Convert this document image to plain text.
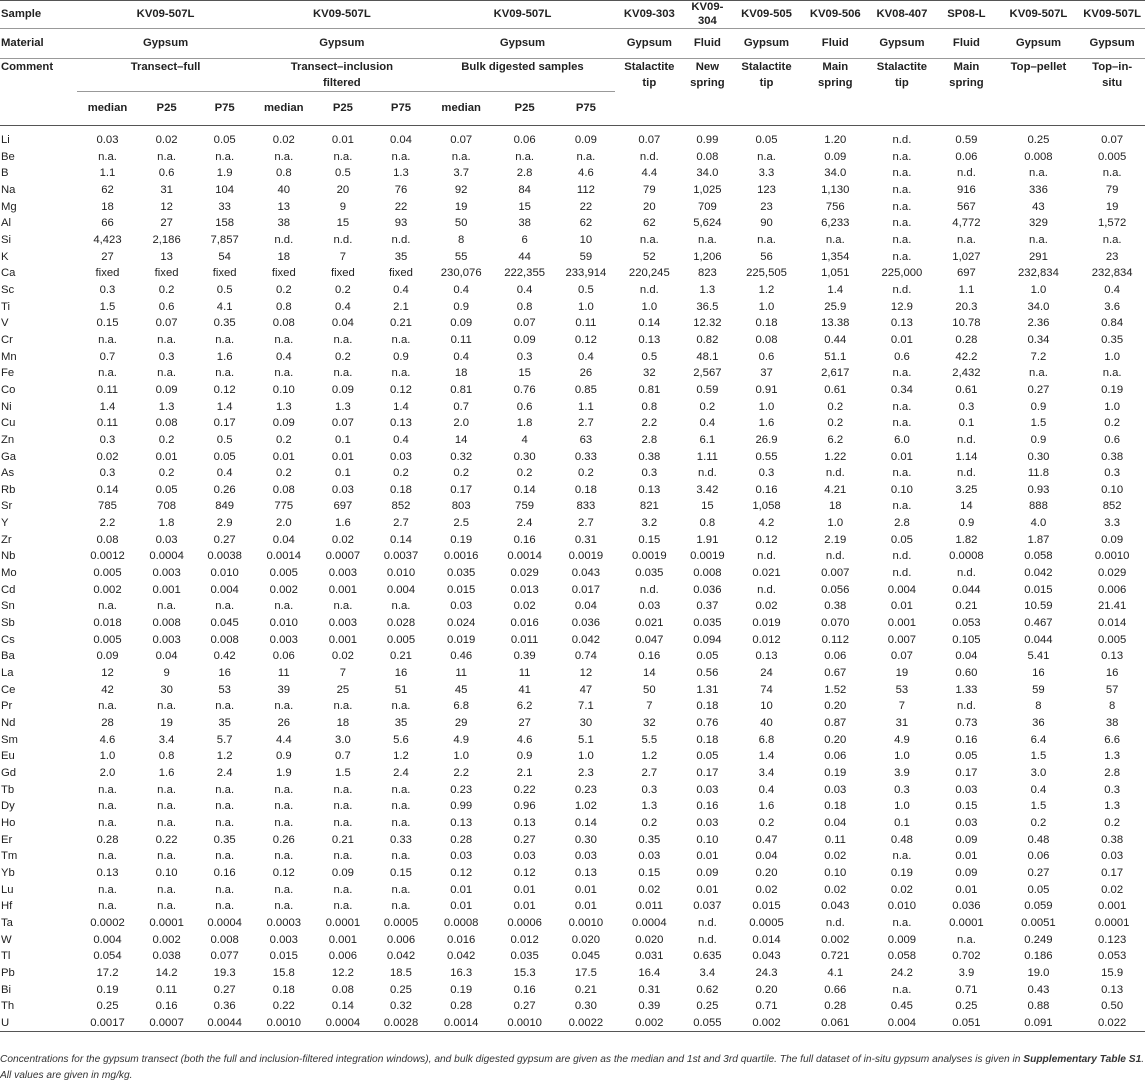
Sample	KV09-507L			KV09-507L			KV09-507L			KV09-303	KV09-304	KV09-505	KV09-506	KV08-407	SP08-L	KV09-507L	KV09-507L
Material	Gypsum			Gypsum			Gypsum			Gypsum	Fluid	Gypsum	Fluid	Gypsum	Fluid	Gypsum	Gypsum
Comment	Transect–full			Transect–inclusion filtered			Bulk digested samples			Stalactite tip	New spring	Stalactite tip	Main spring	Stalactite tip	Main spring	Top–pellet	Top–in-situ
	median	P25	P75	median	P25	P75	median	P25	P75								
Li	0.03	0.02	0.05	0.02	0.01	0.04	0.07	0.06	0.09	0.07	0.99	0.05	1.20	n.d.	0.59	0.25	0.07
Be	n.a.	n.a.	n.a.	n.a.	n.a.	n.a.	n.a.	n.a.	n.a.	n.d.	0.08	n.a.	0.09	n.a.	0.06	0.008	0.005
B	1.1	0.6	1.9	0.8	0.5	1.3	3.7	2.8	4.6	4.4	34.0	3.3	34.0	n.a.	n.d.	n.a.	n.a.
Na	62	31	104	40	20	76	92	84	112	79	1,025	123	1,130	n.a.	916	336	79
Mg	18	12	33	13	9	22	19	15	22	20	709	23	756	n.a.	567	43	19
Al	66	27	158	38	15	93	50	38	62	62	5,624	90	6,233	n.a.	4,772	329	1,572
Si	4,423	2,186	7,857	n.d.	n.d.	n.d.	8	6	10	n.a.	n.a.	n.a.	n.a.	n.a.	n.a.	n.a.	n.a.
K	27	13	54	18	7	35	55	44	59	52	1,206	56	1,354	n.a.	1,027	291	23
Ca	fixed	fixed	fixed	fixed	fixed	fixed	230,076	222,355	233,914	220,245	823	225,505	1,051	225,000	697	232,834	232,834
Sc	0.3	0.2	0.5	0.2	0.2	0.4	0.4	0.4	0.5	n.d.	1.3	1.2	1.4	n.d.	1.1	1.0	0.4
Ti	1.5	0.6	4.1	0.8	0.4	2.1	0.9	0.8	1.0	1.0	36.5	1.0	25.9	12.9	20.3	34.0	3.6
V	0.15	0.07	0.35	0.08	0.04	0.21	0.09	0.07	0.11	0.14	12.32	0.18	13.38	0.13	10.78	2.36	0.84
Cr	n.a.	n.a.	n.a.	n.a.	n.a.	n.a.	0.11	0.09	0.12	0.13	0.82	0.08	0.44	0.01	0.28	0.34	0.35
Mn	0.7	0.3	1.6	0.4	0.2	0.9	0.4	0.3	0.4	0.5	48.1	0.6	51.1	0.6	42.2	7.2	1.0
Fe	n.a.	n.a.	n.a.	n.a.	n.a.	n.a.	18	15	26	32	2,567	37	2,617	n.a.	2,432	n.a.	n.a.
Co	0.11	0.09	0.12	0.10	0.09	0.12	0.81	0.76	0.85	0.81	0.59	0.91	0.61	0.34	0.61	0.27	0.19
Ni	1.4	1.3	1.4	1.3	1.3	1.4	0.7	0.6	1.1	0.8	0.2	1.0	0.2	n.a.	0.3	0.9	1.0
Cu	0.11	0.08	0.17	0.09	0.07	0.13	2.0	1.8	2.7	2.2	0.4	1.6	0.2	n.a.	0.1	1.5	0.2
Zn	0.3	0.2	0.5	0.2	0.1	0.4	14	4	63	2.8	6.1	26.9	6.2	6.0	n.d.	0.9	0.6
Ga	0.02	0.01	0.05	0.01	0.01	0.03	0.32	0.30	0.33	0.38	1.11	0.55	1.22	0.01	1.14	0.30	0.38
As	0.3	0.2	0.4	0.2	0.1	0.2	0.2	0.2	0.2	0.3	n.d.	0.3	n.d.	n.a.	n.d.	11.8	0.3
Rb	0.14	0.05	0.26	0.08	0.03	0.18	0.17	0.14	0.18	0.13	3.42	0.16	4.21	0.10	3.25	0.93	0.10
Sr	785	708	849	775	697	852	803	759	833	821	15	1,058	18	n.a.	14	888	852
Y	2.2	1.8	2.9	2.0	1.6	2.7	2.5	2.4	2.7	3.2	0.8	4.2	1.0	2.8	0.9	4.0	3.3
Zr	0.08	0.03	0.27	0.04	0.02	0.14	0.19	0.16	0.31	0.15	1.91	0.12	2.19	0.05	1.82	1.87	0.09
Nb	0.0012	0.0004	0.0038	0.0014	0.0007	0.0037	0.0016	0.0014	0.0019	0.0019	0.0019	n.d.	n.d.	n.d.	0.0008	0.058	0.0010
Mo	0.005	0.003	0.010	0.005	0.003	0.010	0.035	0.029	0.043	0.035	0.008	0.021	0.007	n.d.	n.d.	0.042	0.029
Cd	0.002	0.001	0.004	0.002	0.001	0.004	0.015	0.013	0.017	n.d.	0.036	n.d.	0.056	0.004	0.044	0.015	0.006
Sn	n.a.	n.a.	n.a.	n.a.	n.a.	n.a.	0.03	0.02	0.04	0.03	0.37	0.02	0.38	0.01	0.21	10.59	21.41
Sb	0.018	0.008	0.045	0.010	0.003	0.028	0.024	0.016	0.036	0.021	0.035	0.019	0.070	0.001	0.053	0.467	0.014
Cs	0.005	0.003	0.008	0.003	0.001	0.005	0.019	0.011	0.042	0.047	0.094	0.012	0.112	0.007	0.105	0.044	0.005
Ba	0.09	0.04	0.42	0.06	0.02	0.21	0.46	0.39	0.74	0.16	0.05	0.13	0.06	0.07	0.04	5.41	0.13
La	12	9	16	11	7	16	11	11	12	14	0.56	24	0.67	19	0.60	16	16
Ce	42	30	53	39	25	51	45	41	47	50	1.31	74	1.52	53	1.33	59	57
Pr	n.a.	n.a.	n.a.	n.a.	n.a.	n.a.	6.8	6.2	7.1	7	0.18	10	0.20	7	n.d.	8	8
Nd	28	19	35	26	18	35	29	27	30	32	0.76	40	0.87	31	0.73	36	38
Sm	4.6	3.4	5.7	4.4	3.0	5.6	4.9	4.6	5.1	5.5	0.18	6.8	0.20	4.9	0.16	6.4	6.6
Eu	1.0	0.8	1.2	0.9	0.7	1.2	1.0	0.9	1.0	1.2	0.05	1.4	0.06	1.0	0.05	1.5	1.3
Gd	2.0	1.6	2.4	1.9	1.5	2.4	2.2	2.1	2.3	2.7	0.17	3.4	0.19	3.9	0.17	3.0	2.8
Tb	n.a.	n.a.	n.a.	n.a.	n.a.	n.a.	0.23	0.22	0.23	0.3	0.03	0.4	0.03	0.3	0.03	0.4	0.3
Dy	n.a.	n.a.	n.a.	n.a.	n.a.	n.a.	0.99	0.96	1.02	1.3	0.16	1.6	0.18	1.0	0.15	1.5	1.3
Ho	n.a.	n.a.	n.a.	n.a.	n.a.	n.a.	0.13	0.13	0.14	0.2	0.03	0.2	0.04	0.1	0.03	0.2	0.2
Er	0.28	0.22	0.35	0.26	0.21	0.33	0.28	0.27	0.30	0.35	0.10	0.47	0.11	0.48	0.09	0.48	0.38
Tm	n.a.	n.a.	n.a.	n.a.	n.a.	n.a.	0.03	0.03	0.03	0.03	0.01	0.04	0.02	n.a.	0.01	0.06	0.03
Yb	0.13	0.10	0.16	0.12	0.09	0.15	0.12	0.12	0.13	0.15	0.09	0.20	0.10	0.19	0.09	0.27	0.17
Lu	n.a.	n.a.	n.a.	n.a.	n.a.	n.a.	0.01	0.01	0.01	0.02	0.01	0.02	0.02	0.02	0.01	0.05	0.02
Hf	n.a.	n.a.	n.a.	n.a.	n.a.	n.a.	0.01	0.01	0.01	0.011	0.037	0.015	0.043	0.010	0.036	0.059	0.001
Ta	0.0002	0.0001	0.0004	0.0003	0.0001	0.0005	0.0008	0.0006	0.0010	0.0004	n.d.	0.0005	n.d.	n.a.	0.0001	0.0051	0.0001
W	0.004	0.002	0.008	0.003	0.001	0.006	0.016	0.012	0.020	0.020	n.d.	0.014	0.002	0.009	n.a.	0.249	0.123
Tl	0.054	0.038	0.077	0.015	0.006	0.042	0.042	0.035	0.045	0.031	0.635	0.043	0.721	0.058	0.702	0.186	0.053
Pb	17.2	14.2	19.3	15.8	12.2	18.5	16.3	15.3	17.5	16.4	3.4	24.3	4.1	24.2	3.9	19.0	15.9
Bi	0.19	0.11	0.27	0.18	0.08	0.25	0.19	0.16	0.21	0.31	0.62	0.20	0.66	n.a.	0.71	0.43	0.13
Th	0.25	0.16	0.36	0.22	0.14	0.32	0.28	0.27	0.30	0.39	0.25	0.71	0.28	0.45	0.25	0.88	0.50
U	0.0017	0.0007	0.0044	0.0010	0.0004	0.0028	0.0014	0.0010	0.0022	0.002	0.055	0.002	0.061	0.004	0.051	0.091	0.022
Concentrations for the gypsum transect (both the full and inclusion-filtered integration windows), and bulk digested gypsum are given as the median and 1st and 3rd quartile. The full dataset of in-situ gypsum analyses is given in Supplementary Table S1. All values are given in mg/kg.
